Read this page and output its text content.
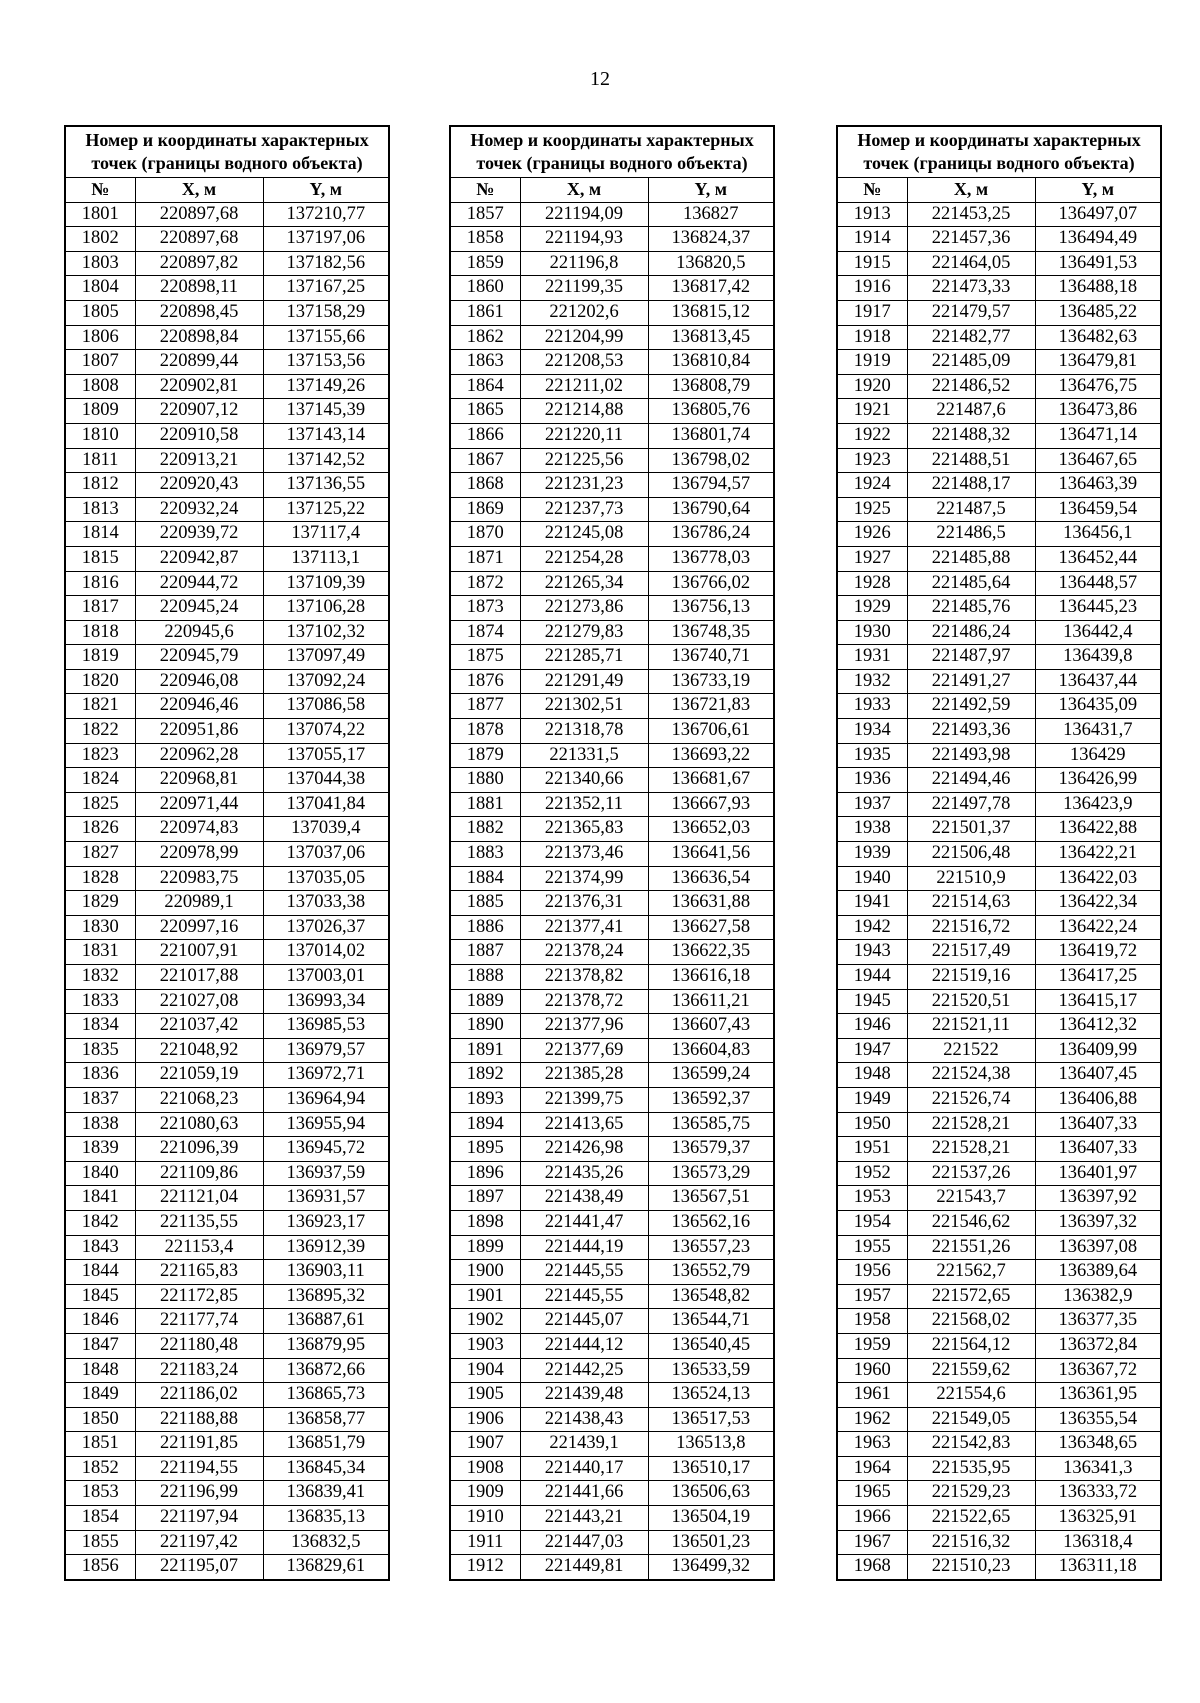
12
Номер и координаты характерных точек (границы водного объекта)		
№	X, м	Y, м
1801	220897,68	137210,77
1802	220897,68	137197,06
1803	220897,82	137182,56
1804	220898,11	137167,25
1805	220898,45	137158,29
1806	220898,84	137155,66
1807	220899,44	137153,56
1808	220902,81	137149,26
1809	220907,12	137145,39
1810	220910,58	137143,14
1811	220913,21	137142,52
1812	220920,43	137136,55
1813	220932,24	137125,22
1814	220939,72	137117,4
1815	220942,87	137113,1
1816	220944,72	137109,39
1817	220945,24	137106,28
1818	220945,6	137102,32
1819	220945,79	137097,49
1820	220946,08	137092,24
1821	220946,46	137086,58
1822	220951,86	137074,22
1823	220962,28	137055,17
1824	220968,81	137044,38
1825	220971,44	137041,84
1826	220974,83	137039,4
1827	220978,99	137037,06
1828	220983,75	137035,05
1829	220989,1	137033,38
1830	220997,16	137026,37
1831	221007,91	137014,02
1832	221017,88	137003,01
1833	221027,08	136993,34
1834	221037,42	136985,53
1835	221048,92	136979,57
1836	221059,19	136972,71
1837	221068,23	136964,94
1838	221080,63	136955,94
1839	221096,39	136945,72
1840	221109,86	136937,59
1841	221121,04	136931,57
1842	221135,55	136923,17
1843	221153,4	136912,39
1844	221165,83	136903,11
1845	221172,85	136895,32
1846	221177,74	136887,61
1847	221180,48	136879,95
1848	221183,24	136872,66
1849	221186,02	136865,73
1850	221188,88	136858,77
1851	221191,85	136851,79
1852	221194,55	136845,34
1853	221196,99	136839,41
1854	221197,94	136835,13
1855	221197,42	136832,5
1856	221195,07	136829,61
Номер и координаты характерных точек (границы водного объекта)		
№	X, м	Y, м
1857	221194,09	136827
1858	221194,93	136824,37
1859	221196,8	136820,5
1860	221199,35	136817,42
1861	221202,6	136815,12
1862	221204,99	136813,45
1863	221208,53	136810,84
1864	221211,02	136808,79
1865	221214,88	136805,76
1866	221220,11	136801,74
1867	221225,56	136798,02
1868	221231,23	136794,57
1869	221237,73	136790,64
1870	221245,08	136786,24
1871	221254,28	136778,03
1872	221265,34	136766,02
1873	221273,86	136756,13
1874	221279,83	136748,35
1875	221285,71	136740,71
1876	221291,49	136733,19
1877	221302,51	136721,83
1878	221318,78	136706,61
1879	221331,5	136693,22
1880	221340,66	136681,67
1881	221352,11	136667,93
1882	221365,83	136652,03
1883	221373,46	136641,56
1884	221374,99	136636,54
1885	221376,31	136631,88
1886	221377,41	136627,58
1887	221378,24	136622,35
1888	221378,82	136616,18
1889	221378,72	136611,21
1890	221377,96	136607,43
1891	221377,69	136604,83
1892	221385,28	136599,24
1893	221399,75	136592,37
1894	221413,65	136585,75
1895	221426,98	136579,37
1896	221435,26	136573,29
1897	221438,49	136567,51
1898	221441,47	136562,16
1899	221444,19	136557,23
1900	221445,55	136552,79
1901	221445,55	136548,82
1902	221445,07	136544,71
1903	221444,12	136540,45
1904	221442,25	136533,59
1905	221439,48	136524,13
1906	221438,43	136517,53
1907	221439,1	136513,8
1908	221440,17	136510,17
1909	221441,66	136506,63
1910	221443,21	136504,19
1911	221447,03	136501,23
1912	221449,81	136499,32
Номер и координаты характерных точек (границы водного объекта)		
№	X, м	Y, м
1913	221453,25	136497,07
1914	221457,36	136494,49
1915	221464,05	136491,53
1916	221473,33	136488,18
1917	221479,57	136485,22
1918	221482,77	136482,63
1919	221485,09	136479,81
1920	221486,52	136476,75
1921	221487,6	136473,86
1922	221488,32	136471,14
1923	221488,51	136467,65
1924	221488,17	136463,39
1925	221487,5	136459,54
1926	221486,5	136456,1
1927	221485,88	136452,44
1928	221485,64	136448,57
1929	221485,76	136445,23
1930	221486,24	136442,4
1931	221487,97	136439,8
1932	221491,27	136437,44
1933	221492,59	136435,09
1934	221493,36	136431,7
1935	221493,98	136429
1936	221494,46	136426,99
1937	221497,78	136423,9
1938	221501,37	136422,88
1939	221506,48	136422,21
1940	221510,9	136422,03
1941	221514,63	136422,34
1942	221516,72	136422,24
1943	221517,49	136419,72
1944	221519,16	136417,25
1945	221520,51	136415,17
1946	221521,11	136412,32
1947	221522	136409,99
1948	221524,38	136407,45
1949	221526,74	136406,88
1950	221528,21	136407,33
1951	221528,21	136407,33
1952	221537,26	136401,97
1953	221543,7	136397,92
1954	221546,62	136397,32
1955	221551,26	136397,08
1956	221562,7	136389,64
1957	221572,65	136382,9
1958	221568,02	136377,35
1959	221564,12	136372,84
1960	221559,62	136367,72
1961	221554,6	136361,95
1962	221549,05	136355,54
1963	221542,83	136348,65
1964	221535,95	136341,3
1965	221529,23	136333,72
1966	221522,65	136325,91
1967	221516,32	136318,4
1968	221510,23	136311,18
